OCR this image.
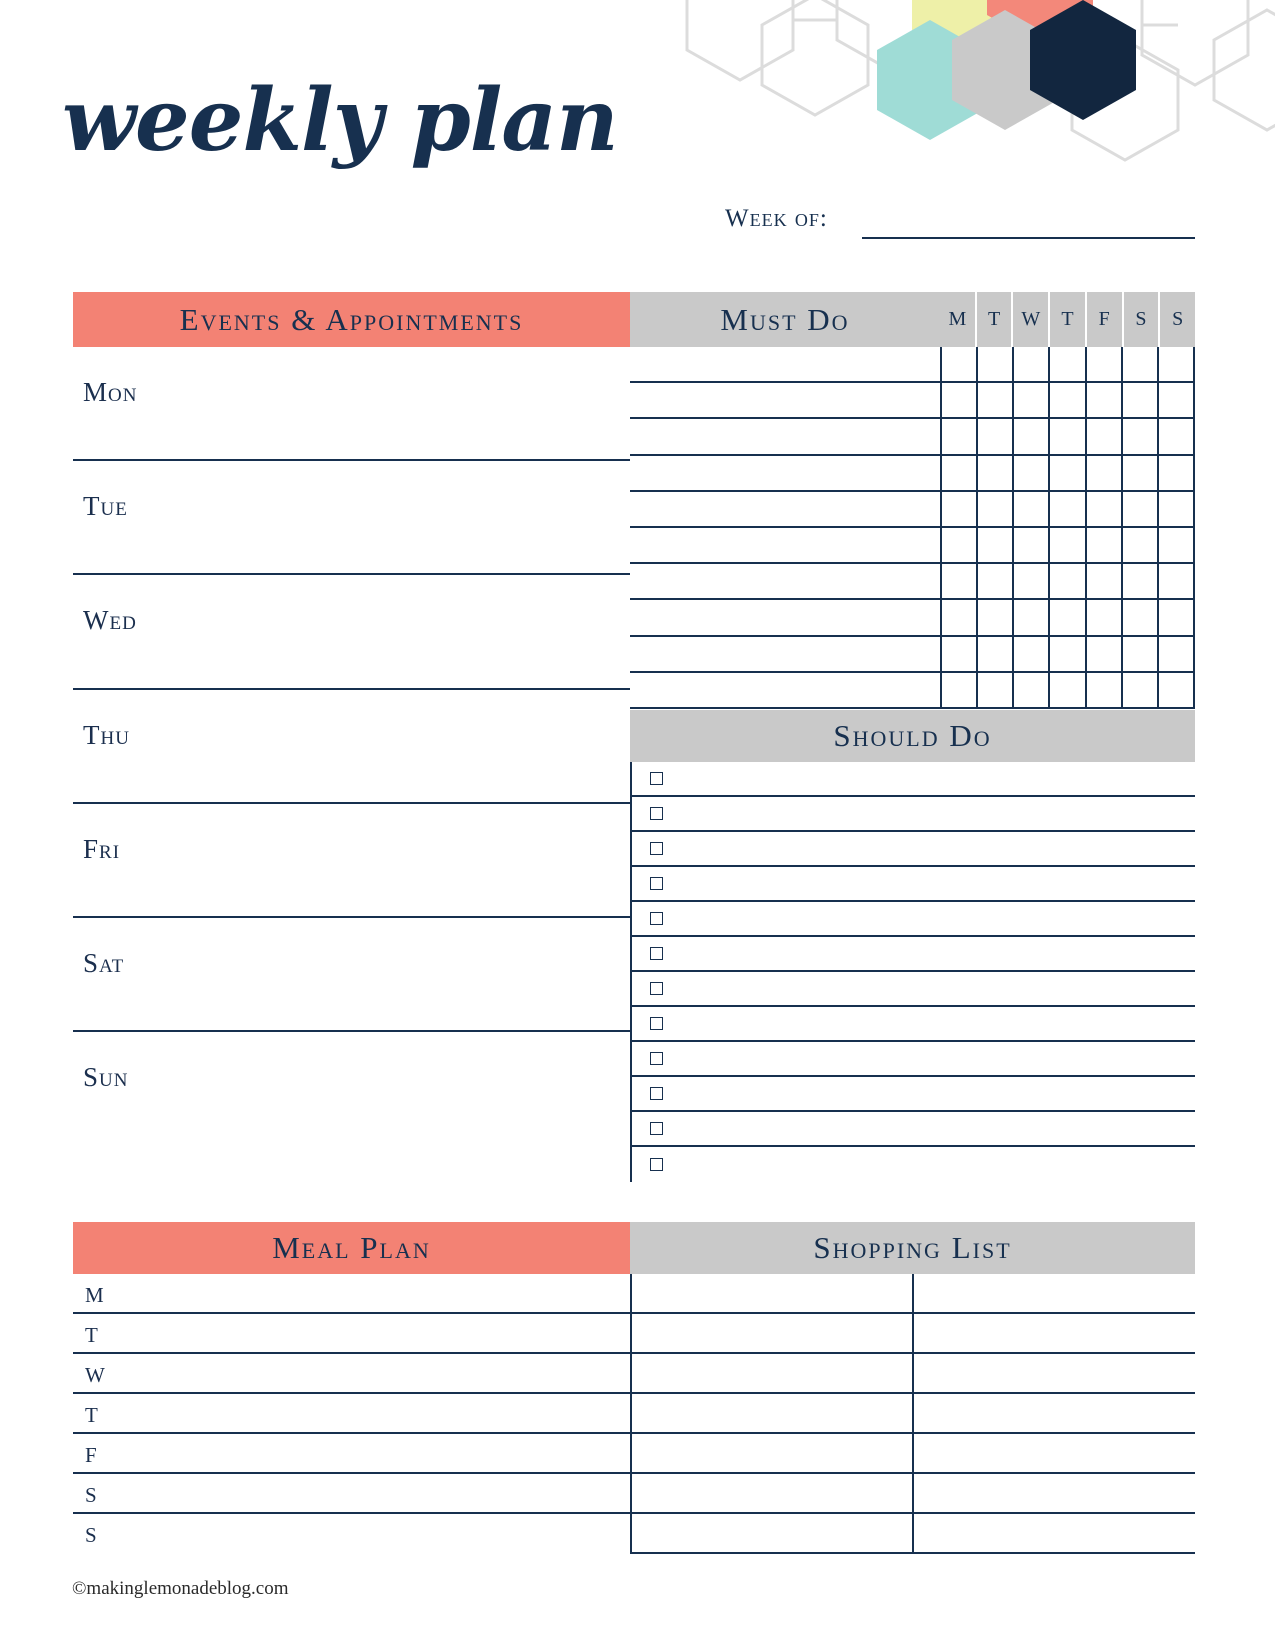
weekly plan
Week of:
Events & Appointments
Mon
Tue
Wed
Thu
Fri
Sat
Sun
Must Do	M	T	W	T	F	S	S
Should Do
Meal Plan
M
T
W
T
F
S
S
Shopping List
©makinglemonadeblog.com
